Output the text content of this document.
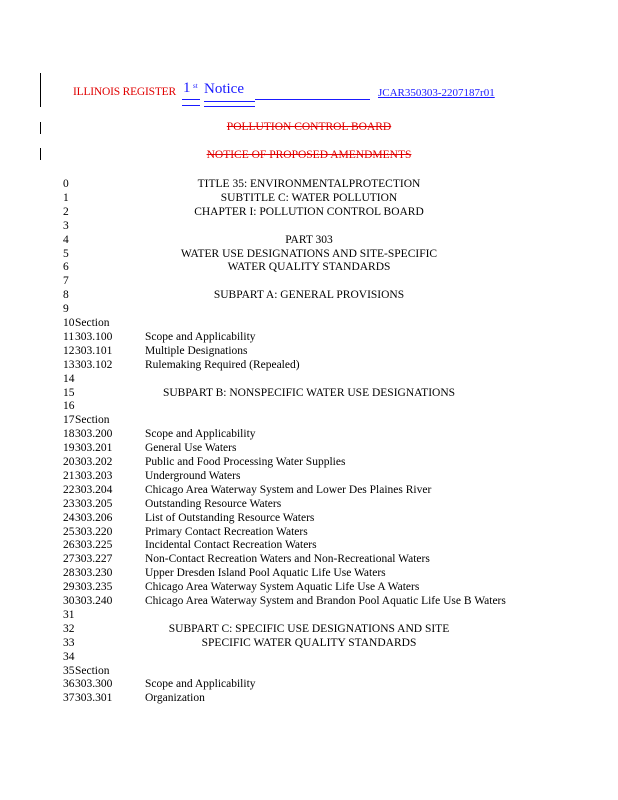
ILLINOIS REGISTER 1 st Notice	JCAR350303-2207187r01
POLLUTION CONTROL BOARD
NOTICE OF PROPOSED AMENDMENTS
0	TITLE 35: ENVIRONMENTALPROTECTION
1	SUBTITLE C: WATER POLLUTION
2	CHAPTER I: POLLUTION CONTROL BOARD
3
4	PART 303
5	WATER USE DESIGNATIONS AND SITE-SPECIFIC
6	WATER QUALITY STANDARDS
7
8	SUBPART A: GENERAL PROVISIONS
9
10 Section
11 303.100	Scope and Applicability
12 303.101	Multiple Designations
13 303.102	Rulemaking Required (Repealed)
14
15	SUBPART B: NONSPECIFIC WATER USE DESIGNATIONS
16
17 Section
18 303.200	Scope and Applicability
19 303.201	General Use Waters
20 303.202	Public and Food Processing Water Supplies
21 303.203	Underground Waters
22 303.204	Chicago Area Waterway System and Lower Des Plaines River
23 303.205	Outstanding Resource Waters
24 303.206	List of Outstanding Resource Waters
25 303.220	Primary Contact Recreation Waters
26 303.225	Incidental Contact Recreation Waters
27 303.227	Non-Contact Recreation Waters and Non-Recreational Waters
28 303.230	Upper Dresden Island Pool Aquatic Life Use Waters
29 303.235	Chicago Area Waterway System Aquatic Life Use A Waters
30 303.240	Chicago Area Waterway System and Brandon Pool Aquatic Life Use B Waters
31
32	SUBPART C: SPECIFIC USE DESIGNATIONS AND SITE
33	SPECIFIC WATER QUALITY STANDARDS
34
35 Section
36 303.300	Scope and Applicability
37 303.301	Organization
